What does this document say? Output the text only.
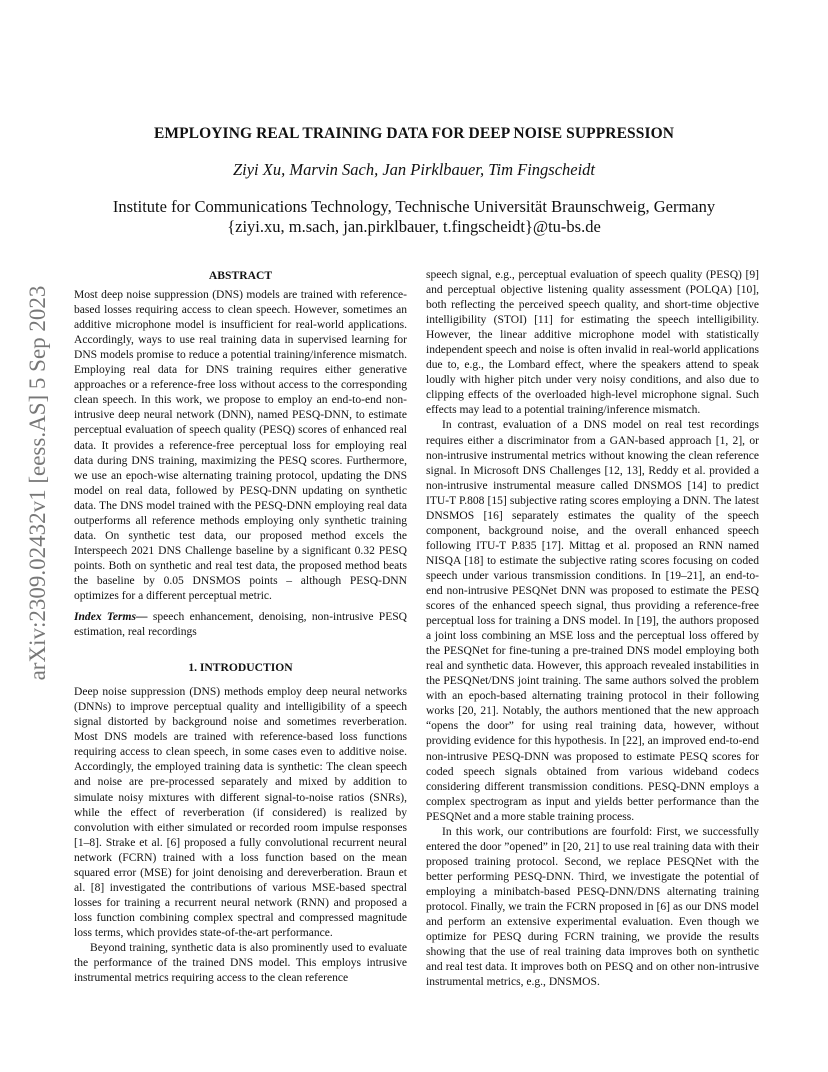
EMPLOYING REAL TRAINING DATA FOR DEEP NOISE SUPPRESSION
Ziyi Xu, Marvin Sach, Jan Pirklbauer, Tim Fingscheidt
Institute for Communications Technology, Technische Universität Braunschweig, Germany
{ziyi.xu, m.sach, jan.pirklbauer, t.fingscheidt}@tu-bs.de
arXiv:2309.02432v1 [eess.AS] 5 Sep 2023
ABSTRACT

Most deep noise suppression (DNS) models are trained with reference-based losses requiring access to clean speech. However, sometimes an additive microphone model is insufficient for real-world applications. Accordingly, ways to use real training data in supervised learning for DNS models promise to reduce a potential training/inference mismatch. Employing real data for DNS training requires either generative approaches or a reference-free loss without access to the corresponding clean speech. In this work, we propose to employ an end-to-end non-intrusive deep neural network (DNN), named PESQ-DNN, to estimate perceptual evaluation of speech quality (PESQ) scores of enhanced real data. It provides a reference-free perceptual loss for employing real data during DNS training, maximizing the PESQ scores. Furthermore, we use an epoch-wise alternating training protocol, updating the DNS model on real data, followed by PESQ-DNN updating on synthetic data. The DNS model trained with the PESQ-DNN employing real data outperforms all reference methods employing only synthetic training data. On synthetic test data, our proposed method excels the Interspeech 2021 DNS Challenge baseline by a significant 0.32 PESQ points. Both on synthetic and real test data, the proposed method beats the baseline by 0.05 DNSMOS points – although PESQ-DNN optimizes for a different perceptual metric.

Index Terms— speech enhancement, denoising, non-intrusive PESQ estimation, real recordings

1. INTRODUCTION

Deep noise suppression (DNS) methods employ deep neural networks (DNNs) to improve perceptual quality and intelligibility of a speech signal distorted by background noise and sometimes reverberation. Most DNS models are trained with reference-based loss functions requiring access to clean speech, in some cases even to additive noise. Accordingly, the employed training data is synthetic: The clean speech and noise are pre-processed separately and mixed by addition to simulate noisy mixtures with different signal-to-noise ratios (SNRs), while the effect of reverberation (if considered) is realized by convolution with either simulated or recorded room impulse responses [1–8]. Strake et al. [6] proposed a fully convolutional recurrent neural network (FCRN) trained with a loss function based on the mean squared error (MSE) for joint denoising and dereverberation. Braun et al. [8] investigated the contributions of various MSE-based spectral losses for training a recurrent neural network (RNN) and proposed a loss function combining complex spectral and compressed magnitude loss terms, which provides state-of-the-art performance.

Beyond training, synthetic data is also prominently used to evaluate the performance of the trained DNS model. This employs intrusive instrumental metrics requiring access to the clean reference

speech signal, e.g., perceptual evaluation of speech quality (PESQ) [9] and perceptual objective listening quality assessment (POLQA) [10], both reflecting the perceived speech quality, and short-time objective intelligibility (STOI) [11] for estimating the speech intelligibility. However, the linear additive microphone model with statistically independent speech and noise is often invalid in real-world applications due to, e.g., the Lombard effect, where the speakers attend to speak loudly with higher pitch under very noisy conditions, and also due to clipping effects of the overloaded high-level microphone signal. Such effects may lead to a potential training/inference mismatch.

In contrast, evaluation of a DNS model on real test recordings requires either a discriminator from a GAN-based approach [1, 2], or non-intrusive instrumental metrics without knowing the clean reference signal. In Microsoft DNS Challenges [12, 13], Reddy et al. provided a non-intrusive instrumental measure called DNSMOS [14] to predict ITU-T P.808 [15] subjective rating scores employing a DNN. The latest DNSMOS [16] separately estimates the quality of the speech component, background noise, and the overall enhanced speech following ITU-T P.835 [17]. Mittag et al. proposed an RNN named NISQA [18] to estimate the subjective rating scores focusing on coded speech under various transmission conditions. In [19–21], an end-to-end non-intrusive PESQNet DNN was proposed to estimate the PESQ scores of the enhanced speech signal, thus providing a reference-free perceptual loss for training a DNS model. In [19], the authors proposed a joint loss combining an MSE loss and the perceptual loss offered by the PESQNet for fine-tuning a pre-trained DNS model employing both real and synthetic data. However, this approach revealed instabilities in the PESQNet/DNS joint training. The same authors solved the problem with an epoch-based alternating training protocol in their following works [20, 21]. Notably, the authors mentioned that the new approach “opens the door” for using real training data, however, without providing evidence for this hypothesis. In [22], an improved end-to-end non-intrusive PESQ-DNN was proposed to estimate PESQ scores for coded speech signals obtained from various wideband codecs considering different transmission conditions. PESQ-DNN employs a complex spectrogram as input and yields better performance than the PESQNet and a more stable training process.

In this work, our contributions are fourfold: First, we successfully entered the door ”opened” in [20, 21] to use real training data with their proposed training protocol. Second, we replace PESQNet with the better performing PESQ-DNN. Third, we investigate the potential of employing a minibatch-based PESQ-DNN/DNS alternating training protocol. Finally, we train the FCRN proposed in [6] as our DNS model and perform an extensive experimental evaluation. Even though we optimize for PESQ during FCRN training, we provide the results showing that the use of real training data improves both on synthetic and real test data. It improves both on PESQ and on other non-intrusive instrumental metrics, e.g., DNSMOS.
